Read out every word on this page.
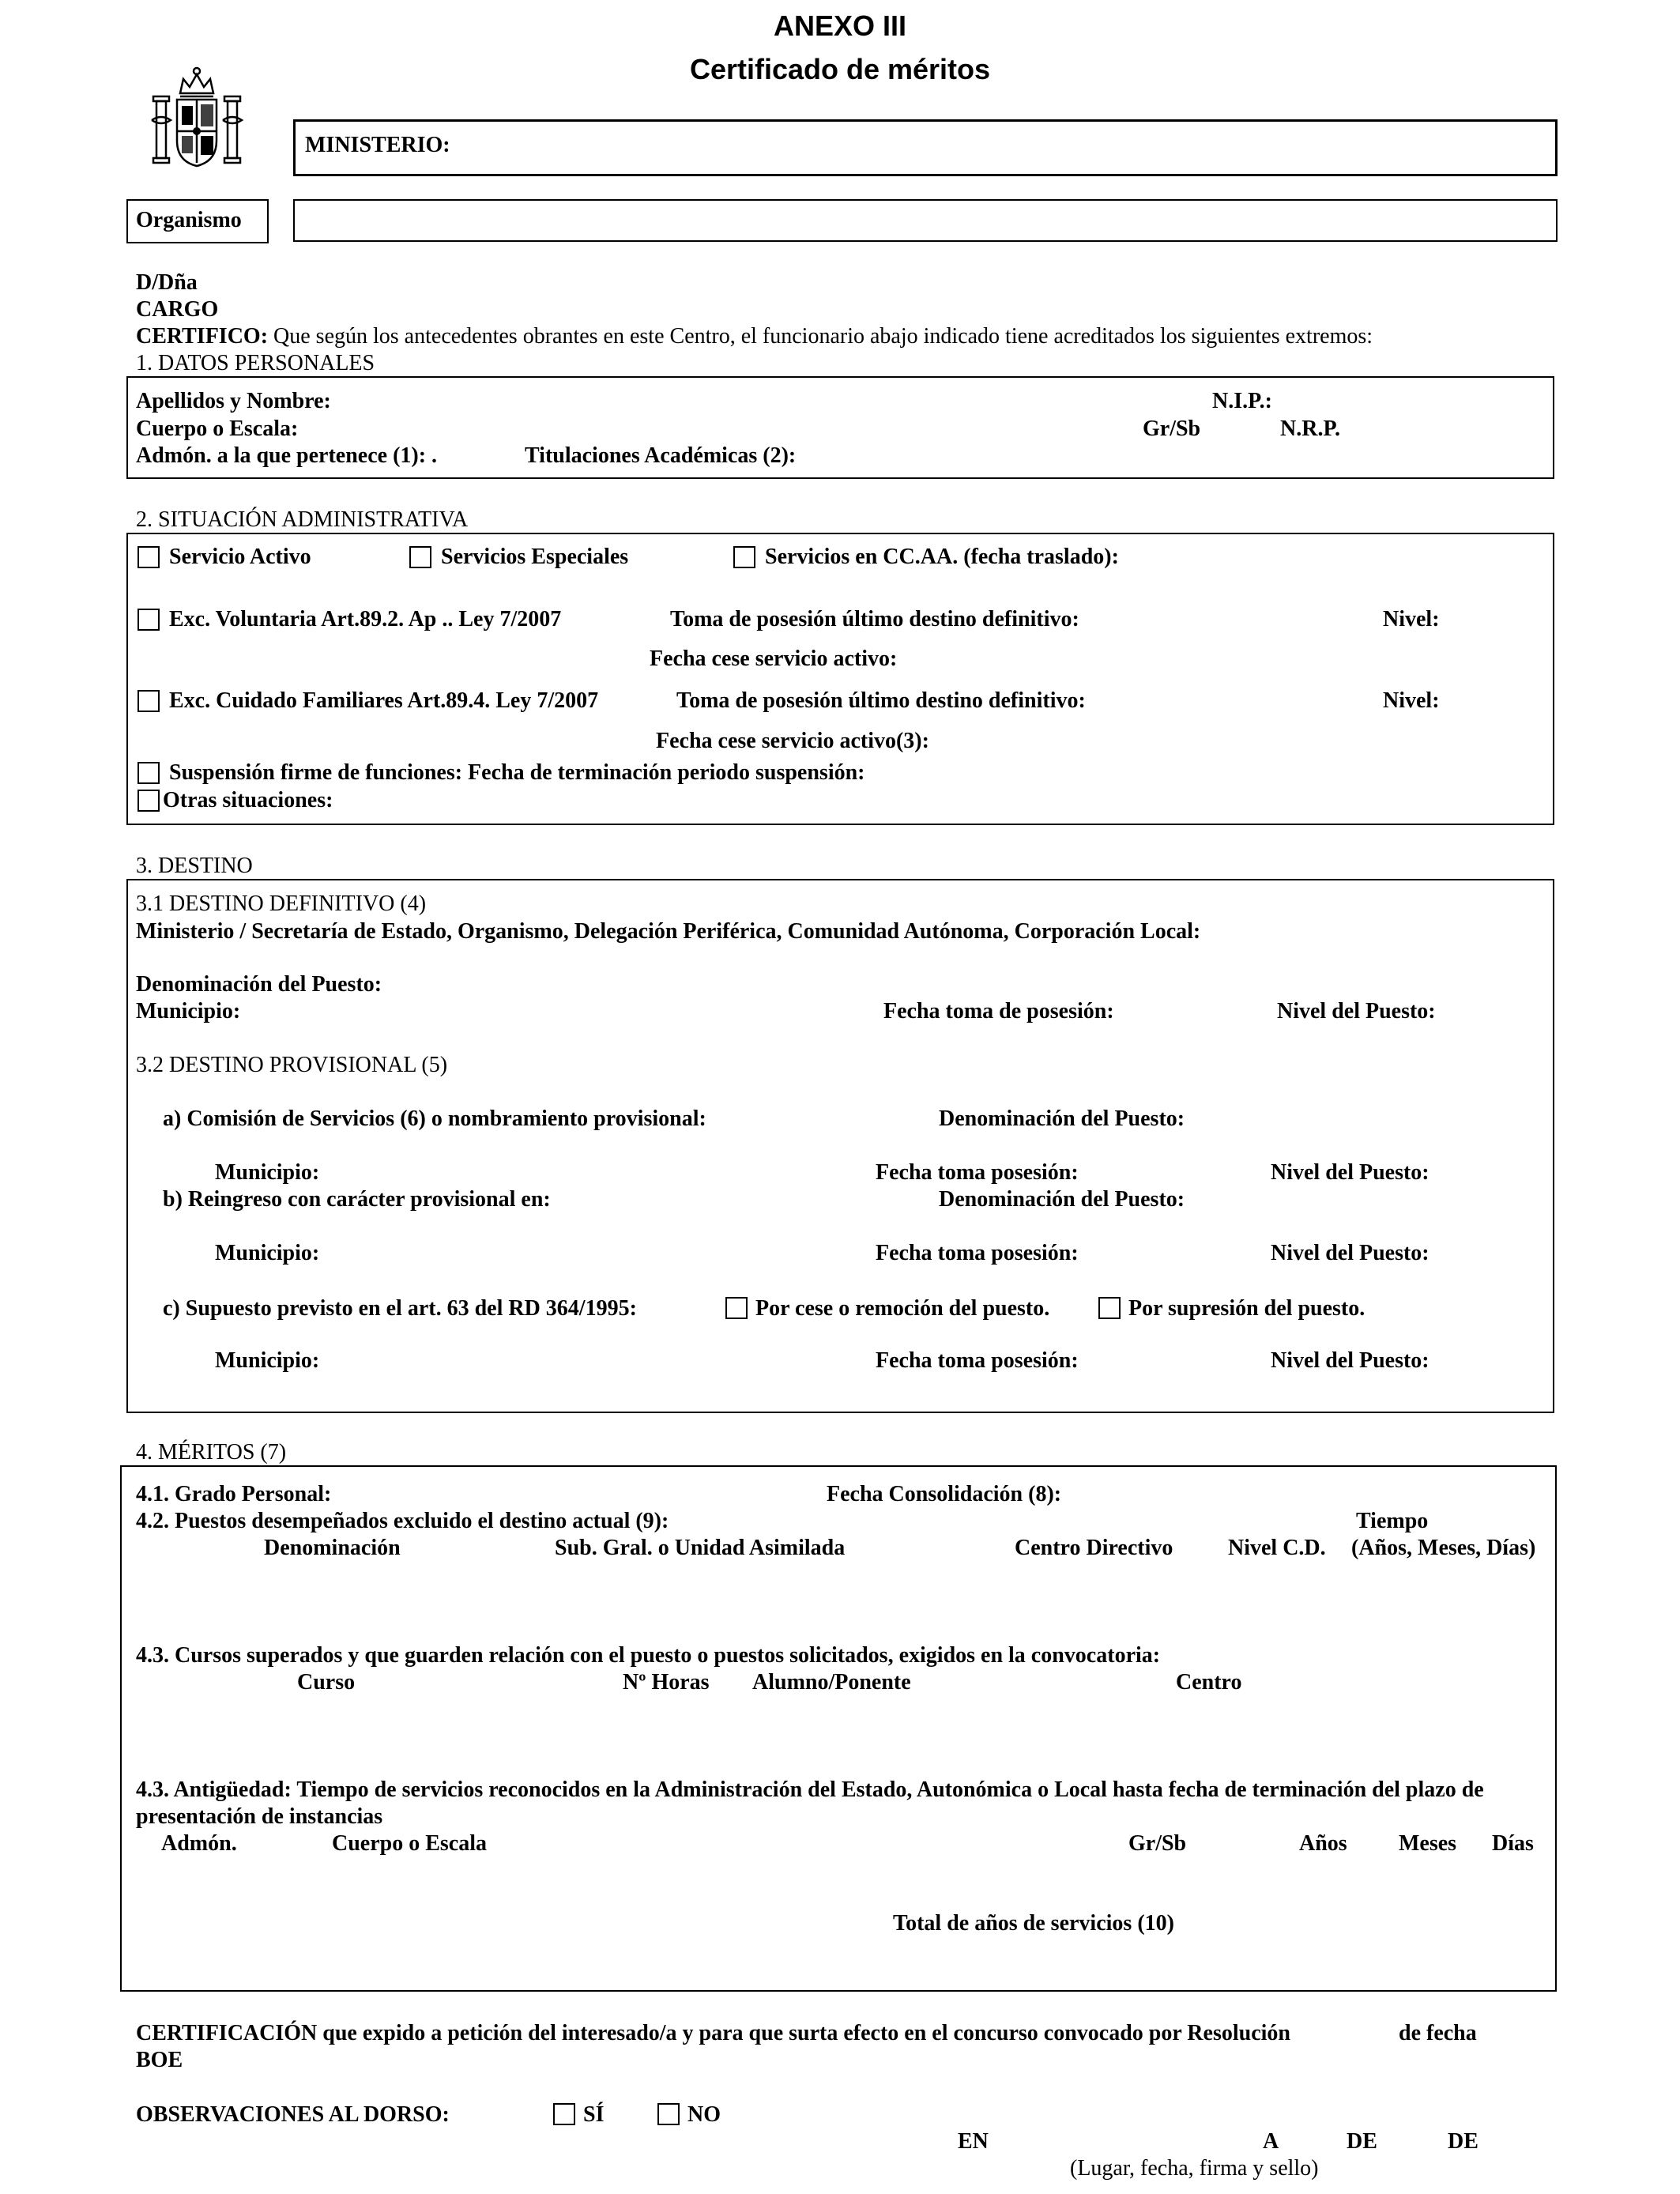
ANEXO III
Certificado de méritos
MINISTERIO:
Organismo
D/Dña
CARGO
CERTIFICO: Que según los antecedentes obrantes en este Centro, el funcionario abajo indicado tiene acreditados los siguientes extremos:
1. DATOS PERSONALES
Apellidos y Nombre:	N.I.P.:
Cuerpo o Escala:	Gr/Sb	N.R.P.
Admón. a la que pertenece (1): .	Titulaciones Académicas (2):
2. SITUACIÓN ADMINISTRATIVA
Servicio Activo	Servicios Especiales	Servicios en CC.AA. (fecha traslado):
Exc. Voluntaria Art.89.2. Ap .. Ley 7/2007	Toma de posesión último destino definitivo:	Nivel:
Fecha cese servicio activo:
Exc. Cuidado Familiares Art.89.4. Ley 7/2007	Toma de posesión último destino definitivo:	Nivel:
Fecha cese servicio activo(3):
Suspensión firme de funciones: Fecha de terminación periodo suspensión:
Otras situaciones:
3. DESTINO
3.1 DESTINO DEFINITIVO (4)
Ministerio / Secretaría de Estado, Organismo, Delegación Periférica, Comunidad Autónoma, Corporación Local:
Denominación del Puesto:
Municipio:	Fecha toma de posesión:	Nivel del Puesto:
3.2 DESTINO PROVISIONAL (5)
a) Comisión de Servicios (6) o nombramiento provisional:	Denominación del Puesto:
Municipio:	Fecha toma posesión:	Nivel del Puesto:
b) Reingreso con carácter provisional en:	Denominación del Puesto:
Municipio:	Fecha toma posesión:	Nivel del Puesto:
c) Supuesto previsto en el art. 63 del RD 364/1995:	Por cese o remoción del puesto.	Por supresión del puesto.
Municipio:	Fecha toma posesión:	Nivel del Puesto:
4. MÉRITOS (7)
4.1. Grado Personal:	Fecha Consolidación (8):
4.2. Puestos desempeñados excluido el destino actual (9):	Tiempo
Denominación	Sub. Gral. o Unidad Asimilada	Centro Directivo Nivel C.D. (Años, Meses, Días)
4.3. Cursos superados y que guarden relación con el puesto o puestos solicitados, exigidos en la convocatoria:
Curso	Nº Horas Alumno/Ponente	Centro
4.3. Antigüedad: Tiempo de servicios reconocidos en la Administración del Estado, Autonómica o Local hasta fecha de terminación del plazo de
presentación de instancias
Admón.	Cuerpo o Escala	Gr/Sb	Años Meses Días
Total de años de servicios (10)
CERTIFICACIÓN que expido a petición del interesado/a y para que surta efecto en el concurso convocado por Resolución	de fecha
BOE
OBSERVACIONES AL DORSO:	SÍ	NO
EN	A	DE	DE
(Lugar, fecha, firma y sello)
